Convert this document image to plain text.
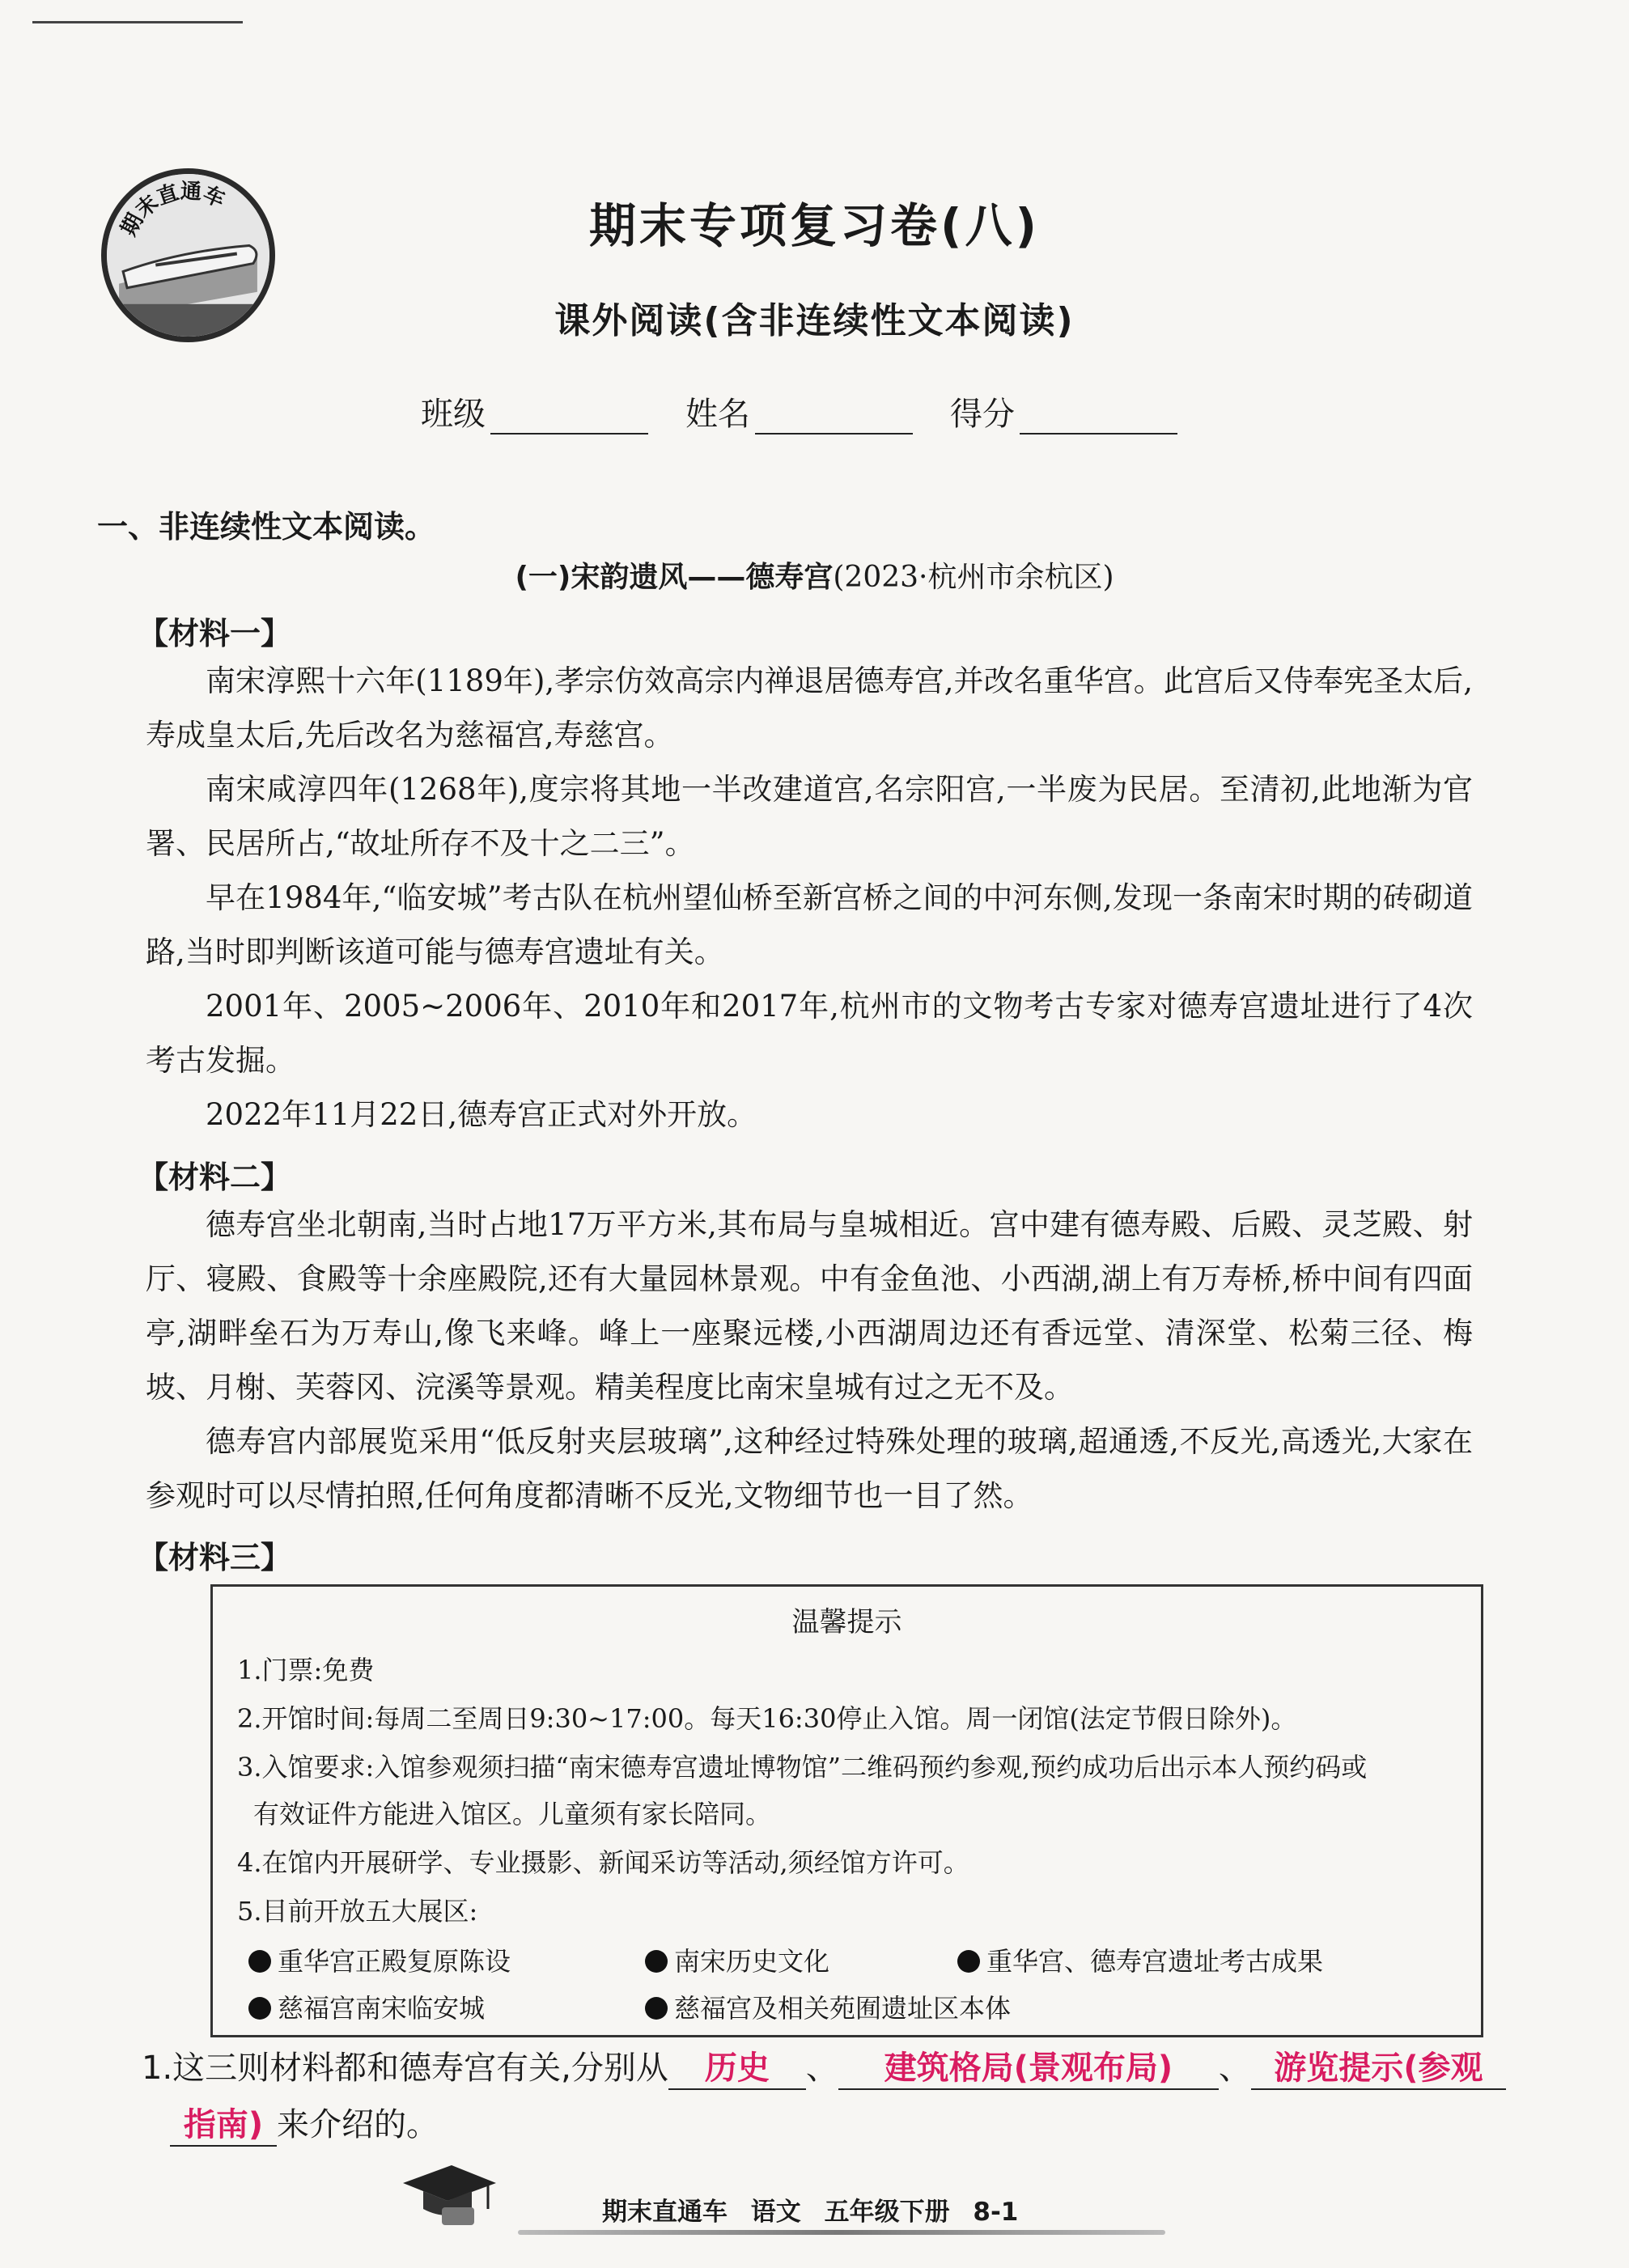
期末直通车
期末专项复习卷(八)
课外阅读(含非连续性文本阅读)
班级	姓名	得分
一、非连续性文本阅读。
(一)宋韵遗风——德寿宫(2023·杭州市余杭区)
【材料一】
南宋淳熙十六年(1189年),孝宗仿效高宗内禅退居德寿宫,并改名重华宫。此宫后又侍奉宪圣太后,寿成皇太后,先后改名为慈福宫,寿慈宫。
南宋咸淳四年(1268年),度宗将其地一半改建道宫,名宗阳宫,一半废为民居。至清初,此地渐为官署、民居所占,“故址所存不及十之二三”。
早在1984年,“临安城”考古队在杭州望仙桥至新宫桥之间的中河东侧,发现一条南宋时期的砖砌道路,当时即判断该道可能与德寿宫遗址有关。
2001年、2005~2006年、2010年和2017年,杭州市的文物考古专家对德寿宫遗址进行了4次考古发掘。
2022年11月22日,德寿宫正式对外开放。
【材料二】
德寿宫坐北朝南,当时占地17万平方米,其布局与皇城相近。宫中建有德寿殿、后殿、灵芝殿、射厅、寝殿、食殿等十余座殿院,还有大量园林景观。中有金鱼池、小西湖,湖上有万寿桥,桥中间有四面亭,湖畔垒石为万寿山,像飞来峰。峰上一座聚远楼,小西湖周边还有香远堂、清深堂、松菊三径、梅坡、月榭、芙蓉冈、浣溪等景观。精美程度比南宋皇城有过之无不及。
德寿宫内部展览采用“低反射夹层玻璃”,这种经过特殊处理的玻璃,超通透,不反光,高透光,大家在参观时可以尽情拍照,任何角度都清晰不反光,文物细节也一目了然。
【材料三】
温馨提示
1.门票:免费
2.开馆时间:每周二至周日9:30~17:00。每天16:30停止入馆。周一闭馆(法定节假日除外)。
3.入馆要求:入馆参观须扫描“南宋德寿宫遗址博物馆”二维码预约参观,预约成功后出示本人预约码或
有效证件方能进入馆区。儿童须有家长陪同。
4.在馆内开展研学、专业摄影、新闻采访等活动,须经馆方许可。
5.目前开放五大展区:
重华宫正殿复原陈设	南宋历史文化	重华宫、德寿宫遗址考古成果
慈福宫南宋临安城	慈福宫及相关苑囿遗址区本体
1.这三则材料都和德寿宫有关,分别从 历史 、 建筑格局(景观布局) 、 游览提示(参观
指南) 来介绍的。
期末直通车 语文 五年级下册 8-1
